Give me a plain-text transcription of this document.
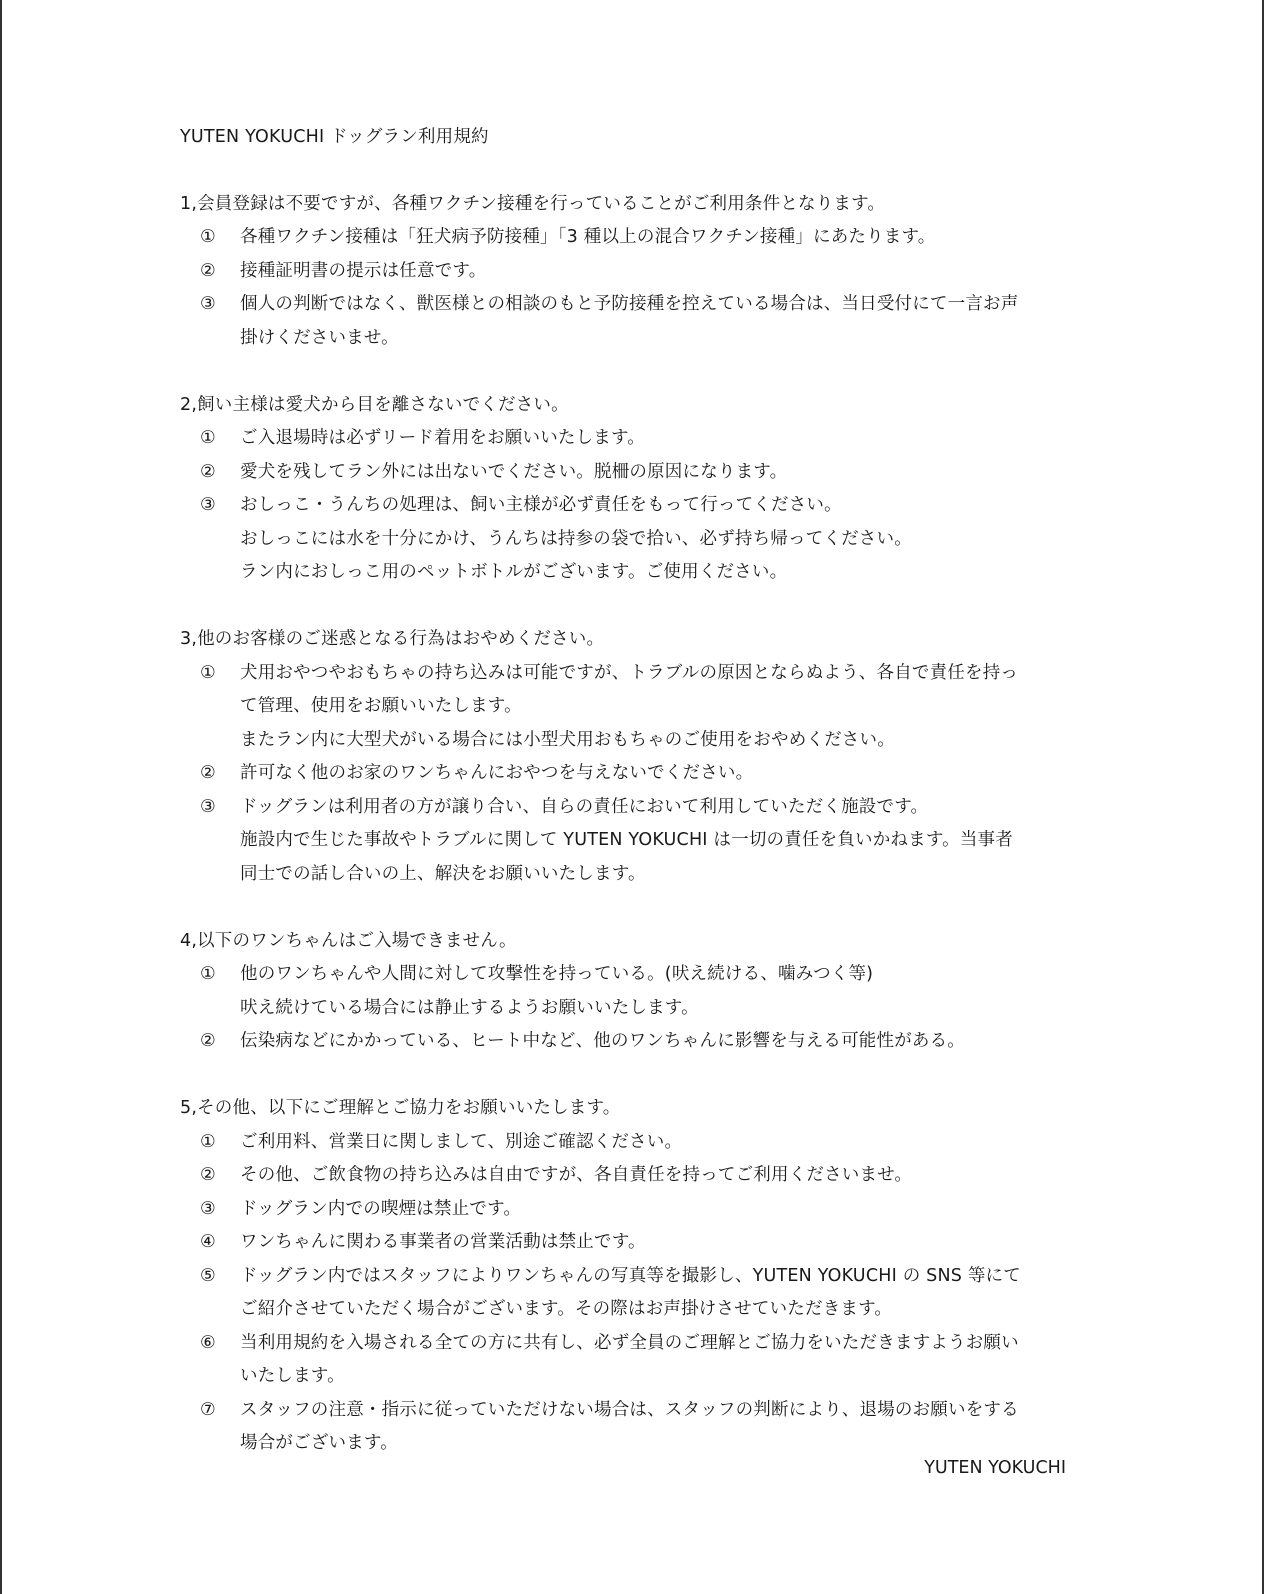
YUTEN YOKUCHI ドッグラン利用規約
1,会員登録は不要ですが、各種ワクチン接種を行っていることがご利用条件となります。
①	各種ワクチン接種は「狂犬病予防接種」「3 種以上の混合ワクチン接種」にあたります。
②	接種証明書の提示は任意です。
③	個人の判断ではなく、獣医様との相談のもと予防接種を控えている場合は、当日受付にて一言お声
掛けくださいませ。
2,飼い主様は愛犬から目を離さないでください。
①	ご入退場時は必ずリード着用をお願いいたします。
②	愛犬を残してラン外には出ないでください。脱柵の原因になります。
③	おしっこ・うんちの処理は、飼い主様が必ず責任をもって行ってください。
おしっこには水を十分にかけ、うんちは持参の袋で拾い、必ず持ち帰ってください。
ラン内におしっこ用のペットボトルがございます。ご使用ください。
3,他のお客様のご迷惑となる行為はおやめください。
①	犬用おやつやおもちゃの持ち込みは可能ですが、トラブルの原因とならぬよう、各自で責任を持っ
て管理、使用をお願いいたします。
またラン内に大型犬がいる場合には小型犬用おもちゃのご使用をおやめください。
②	許可なく他のお家のワンちゃんにおやつを与えないでください。
③	ドッグランは利用者の方が譲り合い、自らの責任において利用していただく施設です。
施設内で生じた事故やトラブルに関して YUTEN YOKUCHI は一切の責任を負いかねます。当事者
同士での話し合いの上、解決をお願いいたします。
4,以下のワンちゃんはご入場できません。
①	他のワンちゃんや人間に対して攻撃性を持っている。(吠え続ける、噛みつく等)
吠え続けている場合には静止するようお願いいたします。
②	伝染病などにかかっている、ヒート中など、他のワンちゃんに影響を与える可能性がある。
5,その他、以下にご理解とご協力をお願いいたします。
①	ご利用料、営業日に関しまして、別途ご確認ください。
②	その他、ご飲食物の持ち込みは自由ですが、各自責任を持ってご利用くださいませ。
③	ドッグラン内での喫煙は禁止です。
④	ワンちゃんに関わる事業者の営業活動は禁止です。
⑤	ドッグラン内ではスタッフによりワンちゃんの写真等を撮影し、YUTEN YOKUCHI の SNS 等にて
ご紹介させていただく場合がございます。その際はお声掛けさせていただきます。
⑥	当利用規約を入場される全ての方に共有し、必ず全員のご理解とご協力をいただきますようお願い
いたします。
⑦	スタッフの注意・指示に従っていただけない場合は、スタッフの判断により、退場のお願いをする
場合がございます。
YUTEN YOKUCHI
